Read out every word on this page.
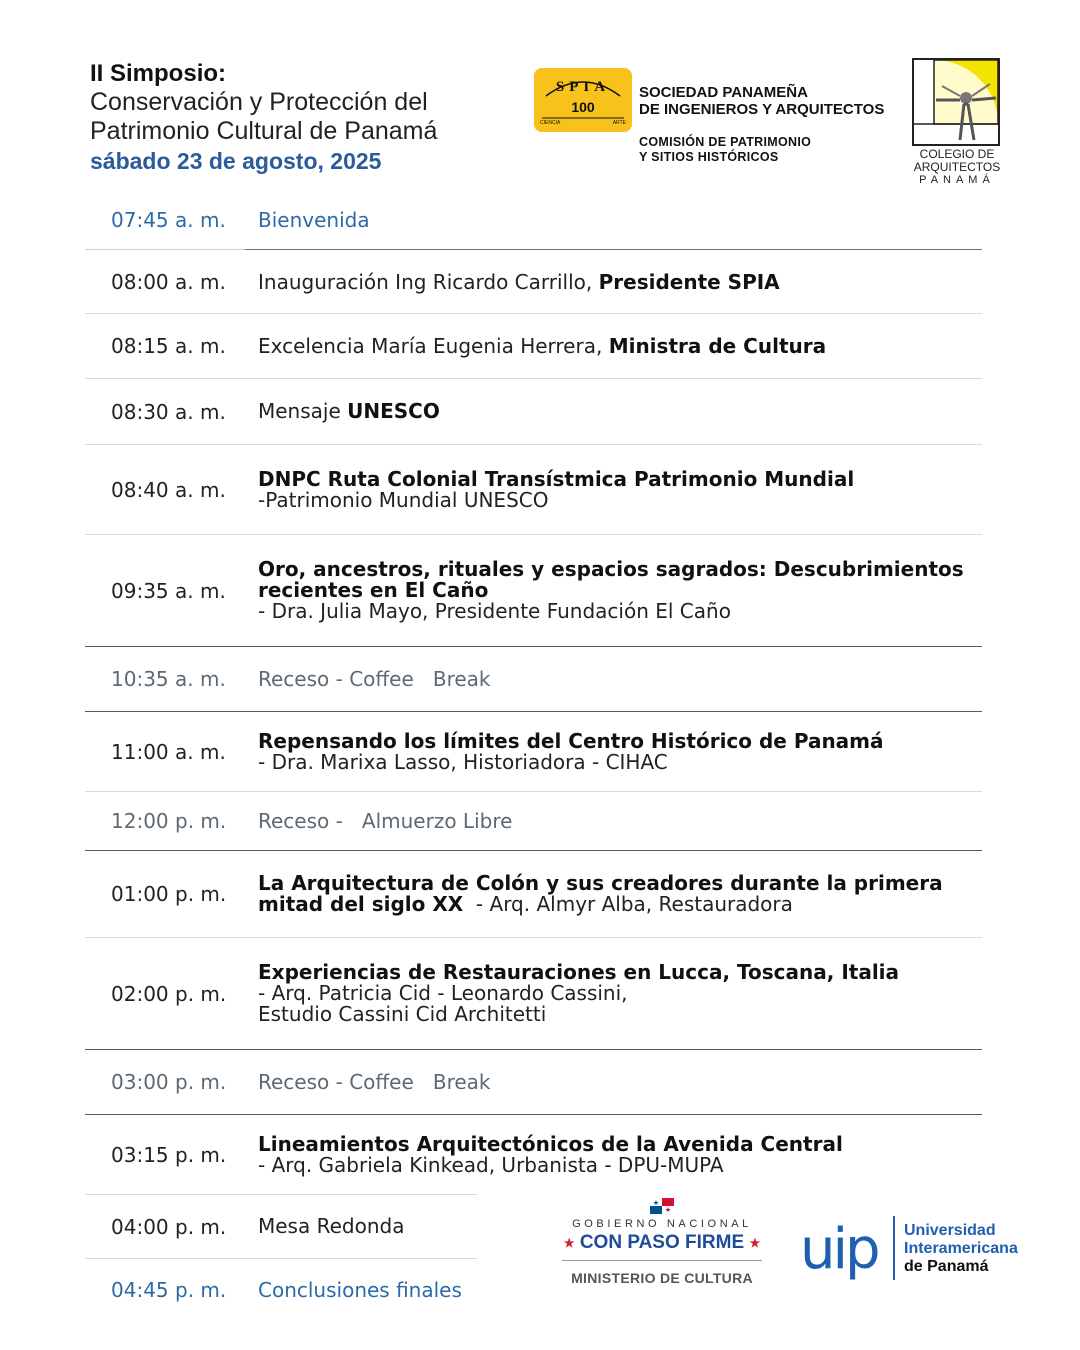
II Simposio:
Conservación y Protección del
Patrimonio Cultural de Panamá
sábado 23 de agosto, 2025
SPIA
100
CIENCIA	ARTE
SOCIEDAD PANAMEÑA
DE INGENIEROS Y ARQUITECTOS
COMISIÓN DE PATRIMONIO
Y SITIOS HISTÓRICOS	COLEGIO DE
ARQUITECTOS
PANAMÁ
07:45 a. m. Bienvenida
08:00 a. m. Inauguración Ing Ricardo Carrillo, Presidente SPIA
08:15 a. m. Excelencia María Eugenia Herrera, Ministra de Cultura
08:30 a. m. Mensaje UNESCO
08:40 a. m. DNPC Ruta Colonial Transístmica Patrimonio Mundial
-Patrimonio Mundial UNESCO
09:35 a. m.
Oro, ancestros, rituales y espacios sagrados: Descubrimientos recientes en El Caño
- Dra. Julia Mayo, Presidente Fundación El Caño
10:35 a. m. Receso - Coffee   Break
11:00 a. m. Repensando los límites del Centro Histórico de Panamá
- Dra. Marixa Lasso, Historiadora - CIHAC
12:00 p. m. Receso -   Almuerzo Libre
01:00 p. m. La Arquitectura de Colón y sus creadores durante la primera mitad del siglo XX  - Arq. Almyr Alba, Restauradora
02:00 p. m.
Experiencias de Restauraciones en Lucca, Toscana, Italia
- Arq. Patricia Cid - Leonardo Cassini,
Estudio Cassini Cid Architetti
03:00 p. m. Receso - Coffee   Break
03:15 p. m. Lineamientos Arquitectónicos de la Avenida Central
- Arq. Gabriela Kinkead, Urbanista - DPU-MUPA
04:00 p. m. Mesa Redonda
04:45 p. m. Conclusiones finales
GOBIERNO NACIONAL
★ CON PASO FIRME ★
MINISTERIO DE CULTURA uip Universidad
Interamericana
de Panamá
